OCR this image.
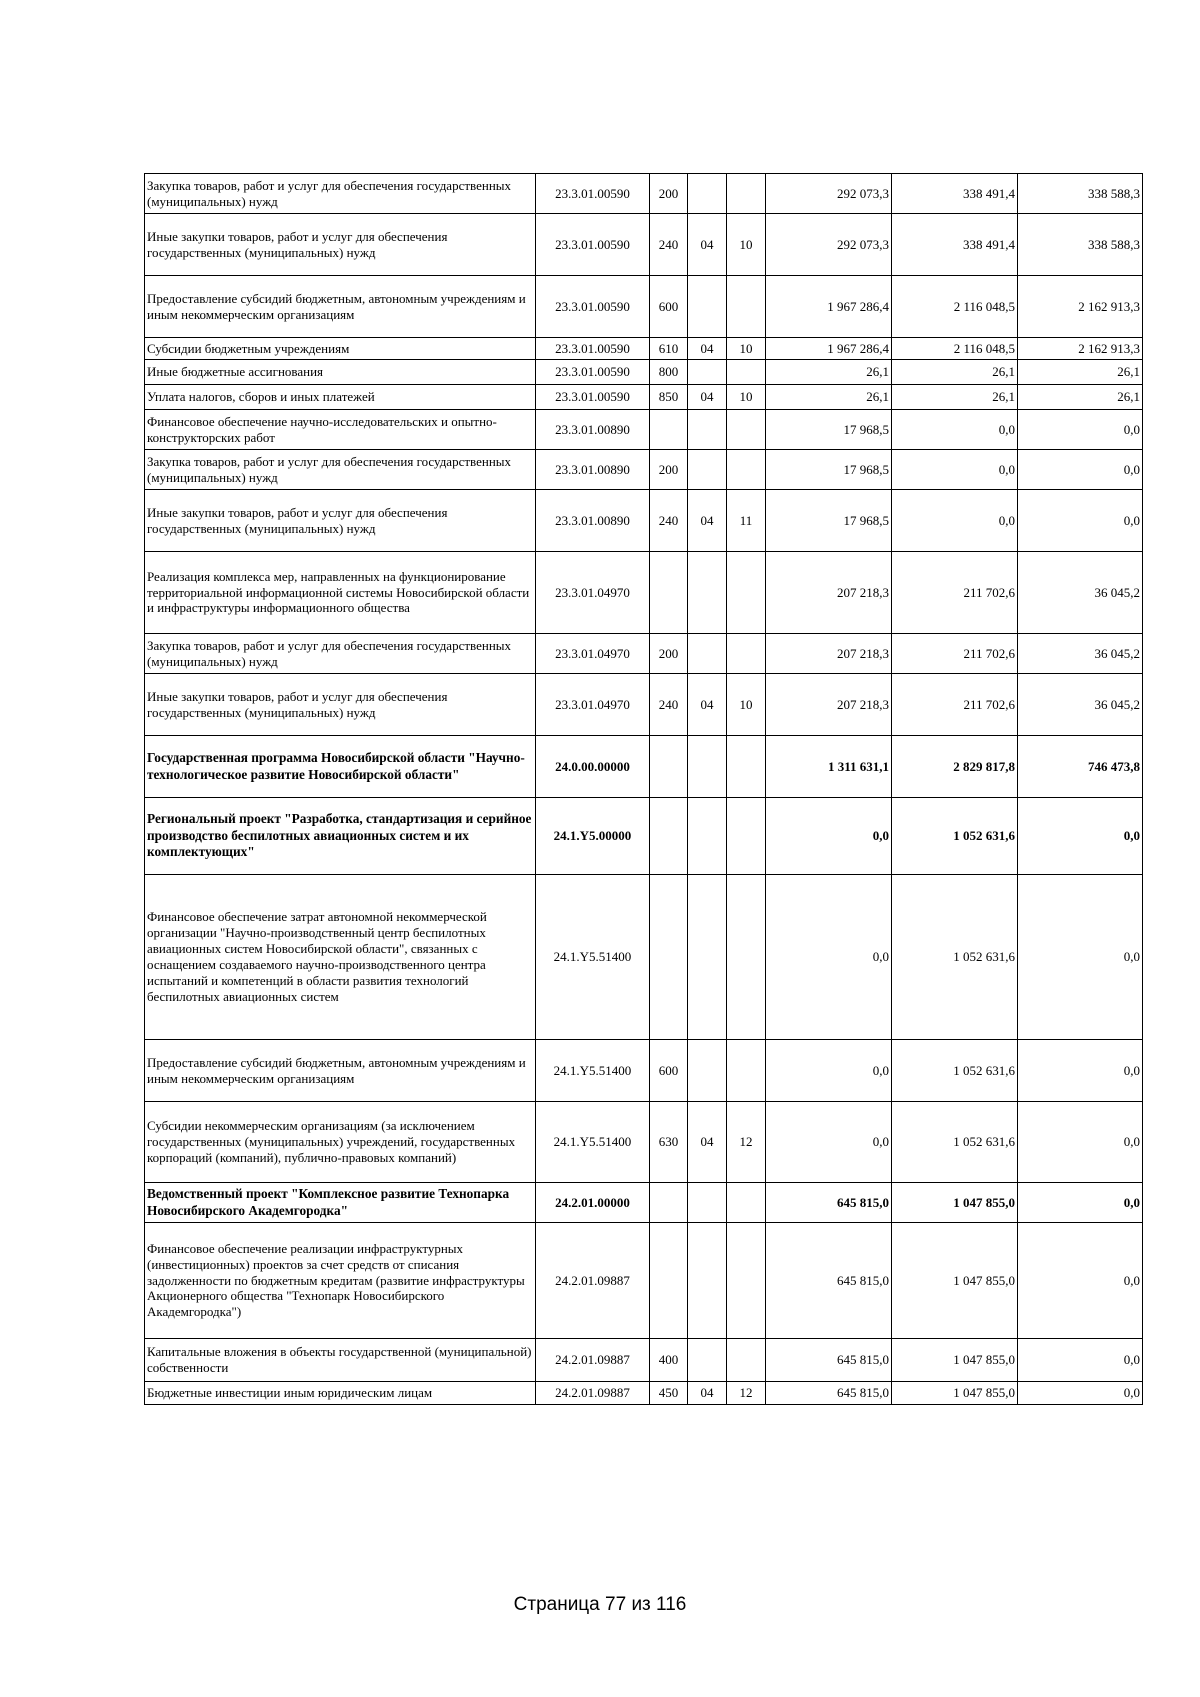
Закупка товаров, работ и услуг для обеспечения государственных (муниципальных) нужд	23.3.01.00590	200			292 073,3	338 491,4	338 588,3
Иные закупки товаров, работ и услуг для обеспечения государственных (муниципальных) нужд	23.3.01.00590	240	04	10	292 073,3	338 491,4	338 588,3
Предоставление субсидий бюджетным, автономным учреждениям и иным некоммерческим организациям	23.3.01.00590	600			1 967 286,4	2 116 048,5	2 162 913,3
Субсидии бюджетным учреждениям	23.3.01.00590	610	04	10	1 967 286,4	2 116 048,5	2 162 913,3
Иные бюджетные ассигнования	23.3.01.00590	800			26,1	26,1	26,1
Уплата налогов, сборов и иных платежей	23.3.01.00590	850	04	10	26,1	26,1	26,1
Финансовое обеспечение научно-исследовательских и опытно-конструкторских работ	23.3.01.00890				17 968,5	0,0	0,0
Закупка товаров, работ и услуг для обеспечения государственных (муниципальных) нужд	23.3.01.00890	200			17 968,5	0,0	0,0
Иные закупки товаров, работ и услуг для обеспечения государственных (муниципальных) нужд	23.3.01.00890	240	04	11	17 968,5	0,0	0,0
Реализация комплекса мер, направленных на функционирование территориальной информационной системы Новосибирской области и инфраструктуры информационного общества	23.3.01.04970				207 218,3	211 702,6	36 045,2
Закупка товаров, работ и услуг для обеспечения государственных (муниципальных) нужд	23.3.01.04970	200			207 218,3	211 702,6	36 045,2
Иные закупки товаров, работ и услуг для обеспечения государственных (муниципальных) нужд	23.3.01.04970	240	04	10	207 218,3	211 702,6	36 045,2
Государственная программа Новосибирской области "Научно-технологическое развитие Новосибирской области"	24.0.00.00000				1 311 631,1	2 829 817,8	746 473,8
Региональный проект "Разработка, стандартизация и серийное производство беспилотных авиационных систем и их комплектующих"	24.1.Y5.00000				0,0	1 052 631,6	0,0
Финансовое обеспечение затрат автономной некоммерческой организации "Научно-производственный центр беспилотных авиационных систем Новосибирской области", связанных с оснащением создаваемого научно-производственного центра испытаний и компетенций в области развития технологий беспилотных авиационных систем	24.1.Y5.51400				0,0	1 052 631,6	0,0
Предоставление субсидий бюджетным, автономным учреждениям и иным некоммерческим организациям	24.1.Y5.51400	600			0,0	1 052 631,6	0,0
Субсидии некоммерческим организациям (за исключением государственных (муниципальных) учреждений, государственных корпораций (компаний), публично-правовых компаний)	24.1.Y5.51400	630	04	12	0,0	1 052 631,6	0,0
Ведомственный проект "Комплексное развитие Технопарка Новосибирского Академгородка"	24.2.01.00000				645 815,0	1 047 855,0	0,0
Финансовое обеспечение реализации инфраструктурных (инвестиционных) проектов за счет средств от списания задолженности по бюджетным кредитам (развитие инфраструктуры Акционерного общества "Технопарк Новосибирского Академгородка")	24.2.01.09887				645 815,0	1 047 855,0	0,0
Капитальные вложения в объекты государственной (муниципальной) собственности	24.2.01.09887	400			645 815,0	1 047 855,0	0,0
Бюджетные инвестиции иным юридическим лицам	24.2.01.09887	450	04	12	645 815,0	1 047 855,0	0,0
Страница 77 из 116
